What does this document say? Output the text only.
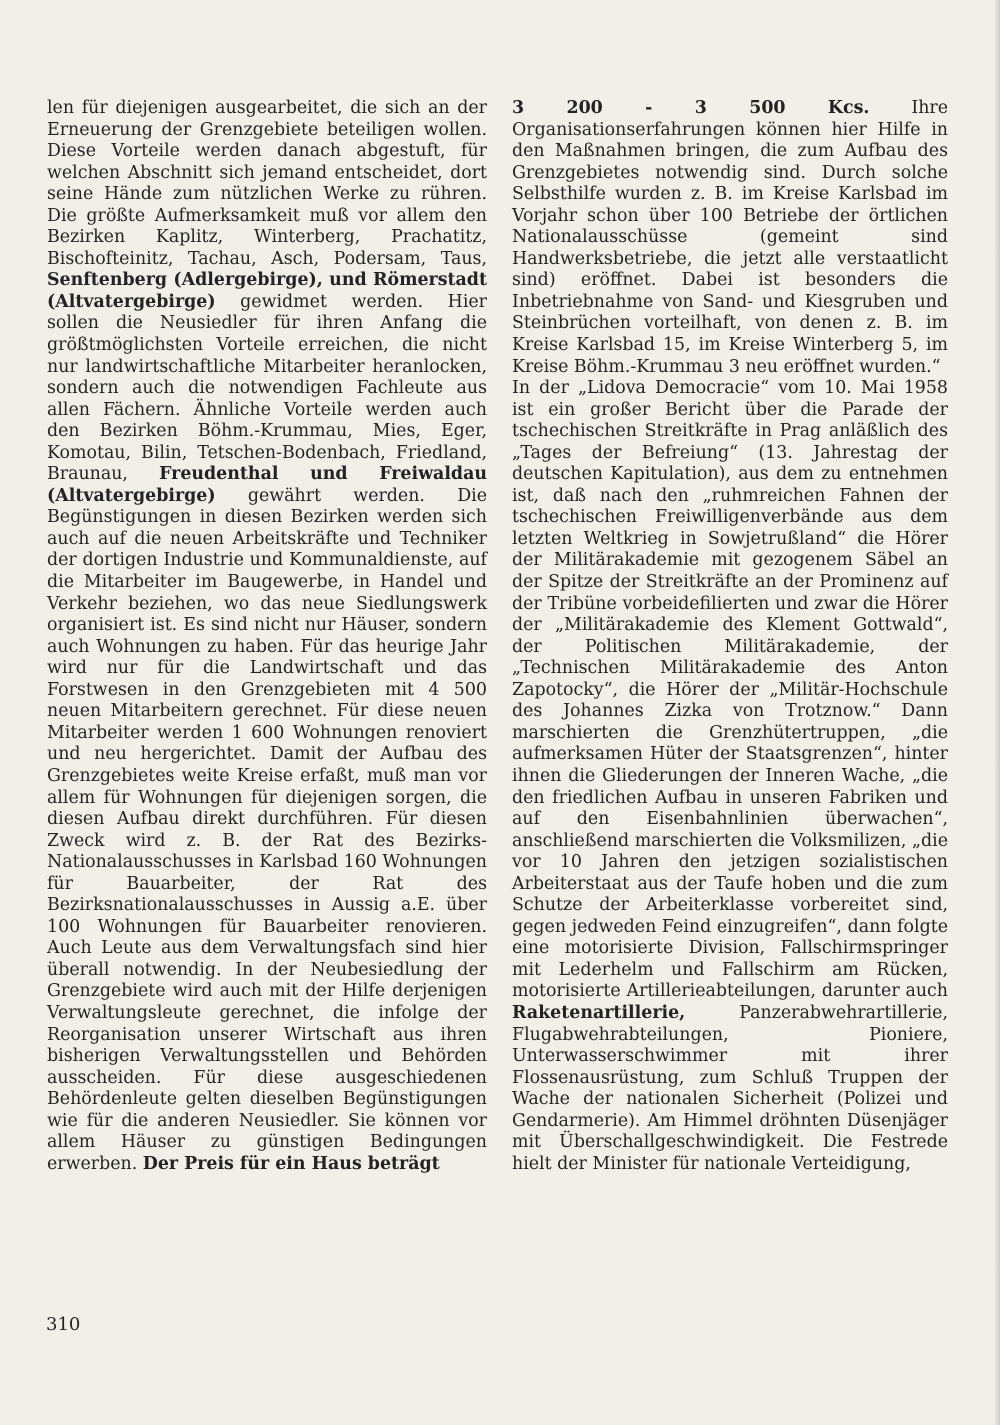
len für diejenigen ausgearbeitet, die sich an der Erneuerung der Grenzgebiete beteiligen wollen. Diese Vorteile werden danach abgestuft, für welchen Abschnitt sich jemand entscheidet, dort seine Hände zum nützlichen Werke zu rühren. Die größte Aufmerksamkeit muß vor allem den Bezirken Kaplitz, Winterberg, Prachatitz, Bischofteinitz, Tachau, Asch, Podersam, Taus, Senftenberg (Adlergebirge), und Römerstadt (Altvatergebirge) gewidmet werden. Hier sollen die Neusiedler für ihren Anfang die größtmöglichsten Vorteile erreichen, die nicht nur landwirtschaftliche Mitarbeiter heranlocken, sondern auch die notwendigen Fachleute aus allen Fächern. Ähnliche Vorteile werden auch den Bezirken Böhm.-Krummau, Mies, Eger, Komotau, Bilin, Tetschen-Bodenbach, Friedland, Braunau, Freudenthal und Freiwaldau (Altvatergebirge) gewährt werden. Die Begünstigungen in diesen Bezirken werden sich auch auf die neuen Arbeitskräfte und Techniker der dortigen Industrie und Kommunaldienste, auf die Mitarbeiter im Baugewerbe, in Handel und Verkehr beziehen, wo das neue Siedlungswerk organisiert ist. Es sind nicht nur Häuser, sondern auch Wohnungen zu haben. Für das heurige Jahr wird nur für die Landwirtschaft und das Forstwesen in den Grenzgebieten mit 4 500 neuen Mitarbeitern gerechnet. Für diese neuen Mitarbeiter werden 1 600 Wohnungen renoviert und neu hergerichtet. Damit der Aufbau des Grenzgebietes weite Kreise erfaßt, muß man vor allem für Wohnungen für diejenigen sorgen, die diesen Aufbau direkt durchführen. Für diesen Zweck wird z. B. der Rat des Bezirks-Nationalausschusses in Karlsbad 160 Wohnungen für Bauarbeiter, der Rat des Bezirksnationalausschusses in Aussig a.E. über 100 Wohnungen für Bauarbeiter renovieren. Auch Leute aus dem Verwaltungsfach sind hier überall notwendig. In der Neubesiedlung der Grenzgebiete wird auch mit der Hilfe derjenigen Verwaltungsleute gerechnet, die infolge der Reorganisation unserer Wirtschaft aus ihren bisherigen Verwaltungsstellen und Behörden ausscheiden. Für diese ausgeschiedenen Behördenleute gelten dieselben Begünstigungen wie für die anderen Neusiedler. Sie können vor allem Häuser zu günstigen Bedingungen erwerben. Der Preis für ein Haus beträgt

3 200 - 3 500 Kcs. Ihre Organisationserfahrungen können hier Hilfe in den Maßnahmen bringen, die zum Aufbau des Grenzgebietes notwendig sind. Durch solche Selbsthilfe wurden z. B. im Kreise Karlsbad im Vorjahr schon über 100 Betriebe der örtlichen Nationalausschüsse (gemeint sind Handwerksbetriebe, die jetzt alle verstaatlicht sind) eröffnet. Dabei ist besonders die Inbetriebnahme von Sand- und Kiesgruben und Steinbrüchen vorteilhaft, von denen z. B. im Kreise Karlsbad 15, im Kreise Winterberg 5, im Kreise Böhm.-Krummau 3 neu eröffnet wurden.“

In der „Lidova Democracie“ vom 10. Mai 1958 ist ein großer Bericht über die Parade der tschechischen Streitkräfte in Prag anläßlich des „Tages der Befreiung“ (13. Jahrestag der deutschen Kapitulation), aus dem zu entnehmen ist, daß nach den „ruhmreichen Fahnen der tschechischen Freiwilligenverbände aus dem letzten Weltkrieg in Sowjetrußland“ die Hörer der Militärakademie mit gezogenem Säbel an der Spitze der Streitkräfte an der Prominenz auf der Tribüne vorbeidefilierten und zwar die Hörer der „Militärakademie des Klement Gottwald“, der Politischen Militärakademie, der „Technischen Militärakademie des Anton Zapotocky“, die Hörer der „Militär-Hochschule des Johannes Zizka von Trotznow.“ Dann marschierten die Grenzhütertruppen, „die aufmerksamen Hüter der Staatsgrenzen“, hinter ihnen die Gliederungen der Inneren Wache, „die den friedlichen Aufbau in unseren Fabriken und auf den Eisenbahnlinien überwachen“, anschließend marschierten die Volksmilizen, „die vor 10 Jahren den jetzigen sozialistischen Arbeiterstaat aus der Taufe hoben und die zum Schutze der Arbeiterklasse vorbereitet sind, gegen jedweden Feind einzugreifen“, dann folgte eine motorisierte Division, Fallschirmspringer mit Lederhelm und Fallschirm am Rücken, motorisierte Artillerieabteilungen, darunter auch Raketenartillerie,	Panzerabwehrartillerie, Flugabwehrabteilungen, Pioniere, Unterwasserschwimmer mit ihrer Flossenausrüstung, zum Schluß Truppen der Wache der nationalen Sicherheit (Polizei und Gendarmerie). Am Himmel dröhnten Düsenjäger mit Überschallgeschwindigkeit. Die Festrede hielt der Minister für nationale Verteidigung,

310
